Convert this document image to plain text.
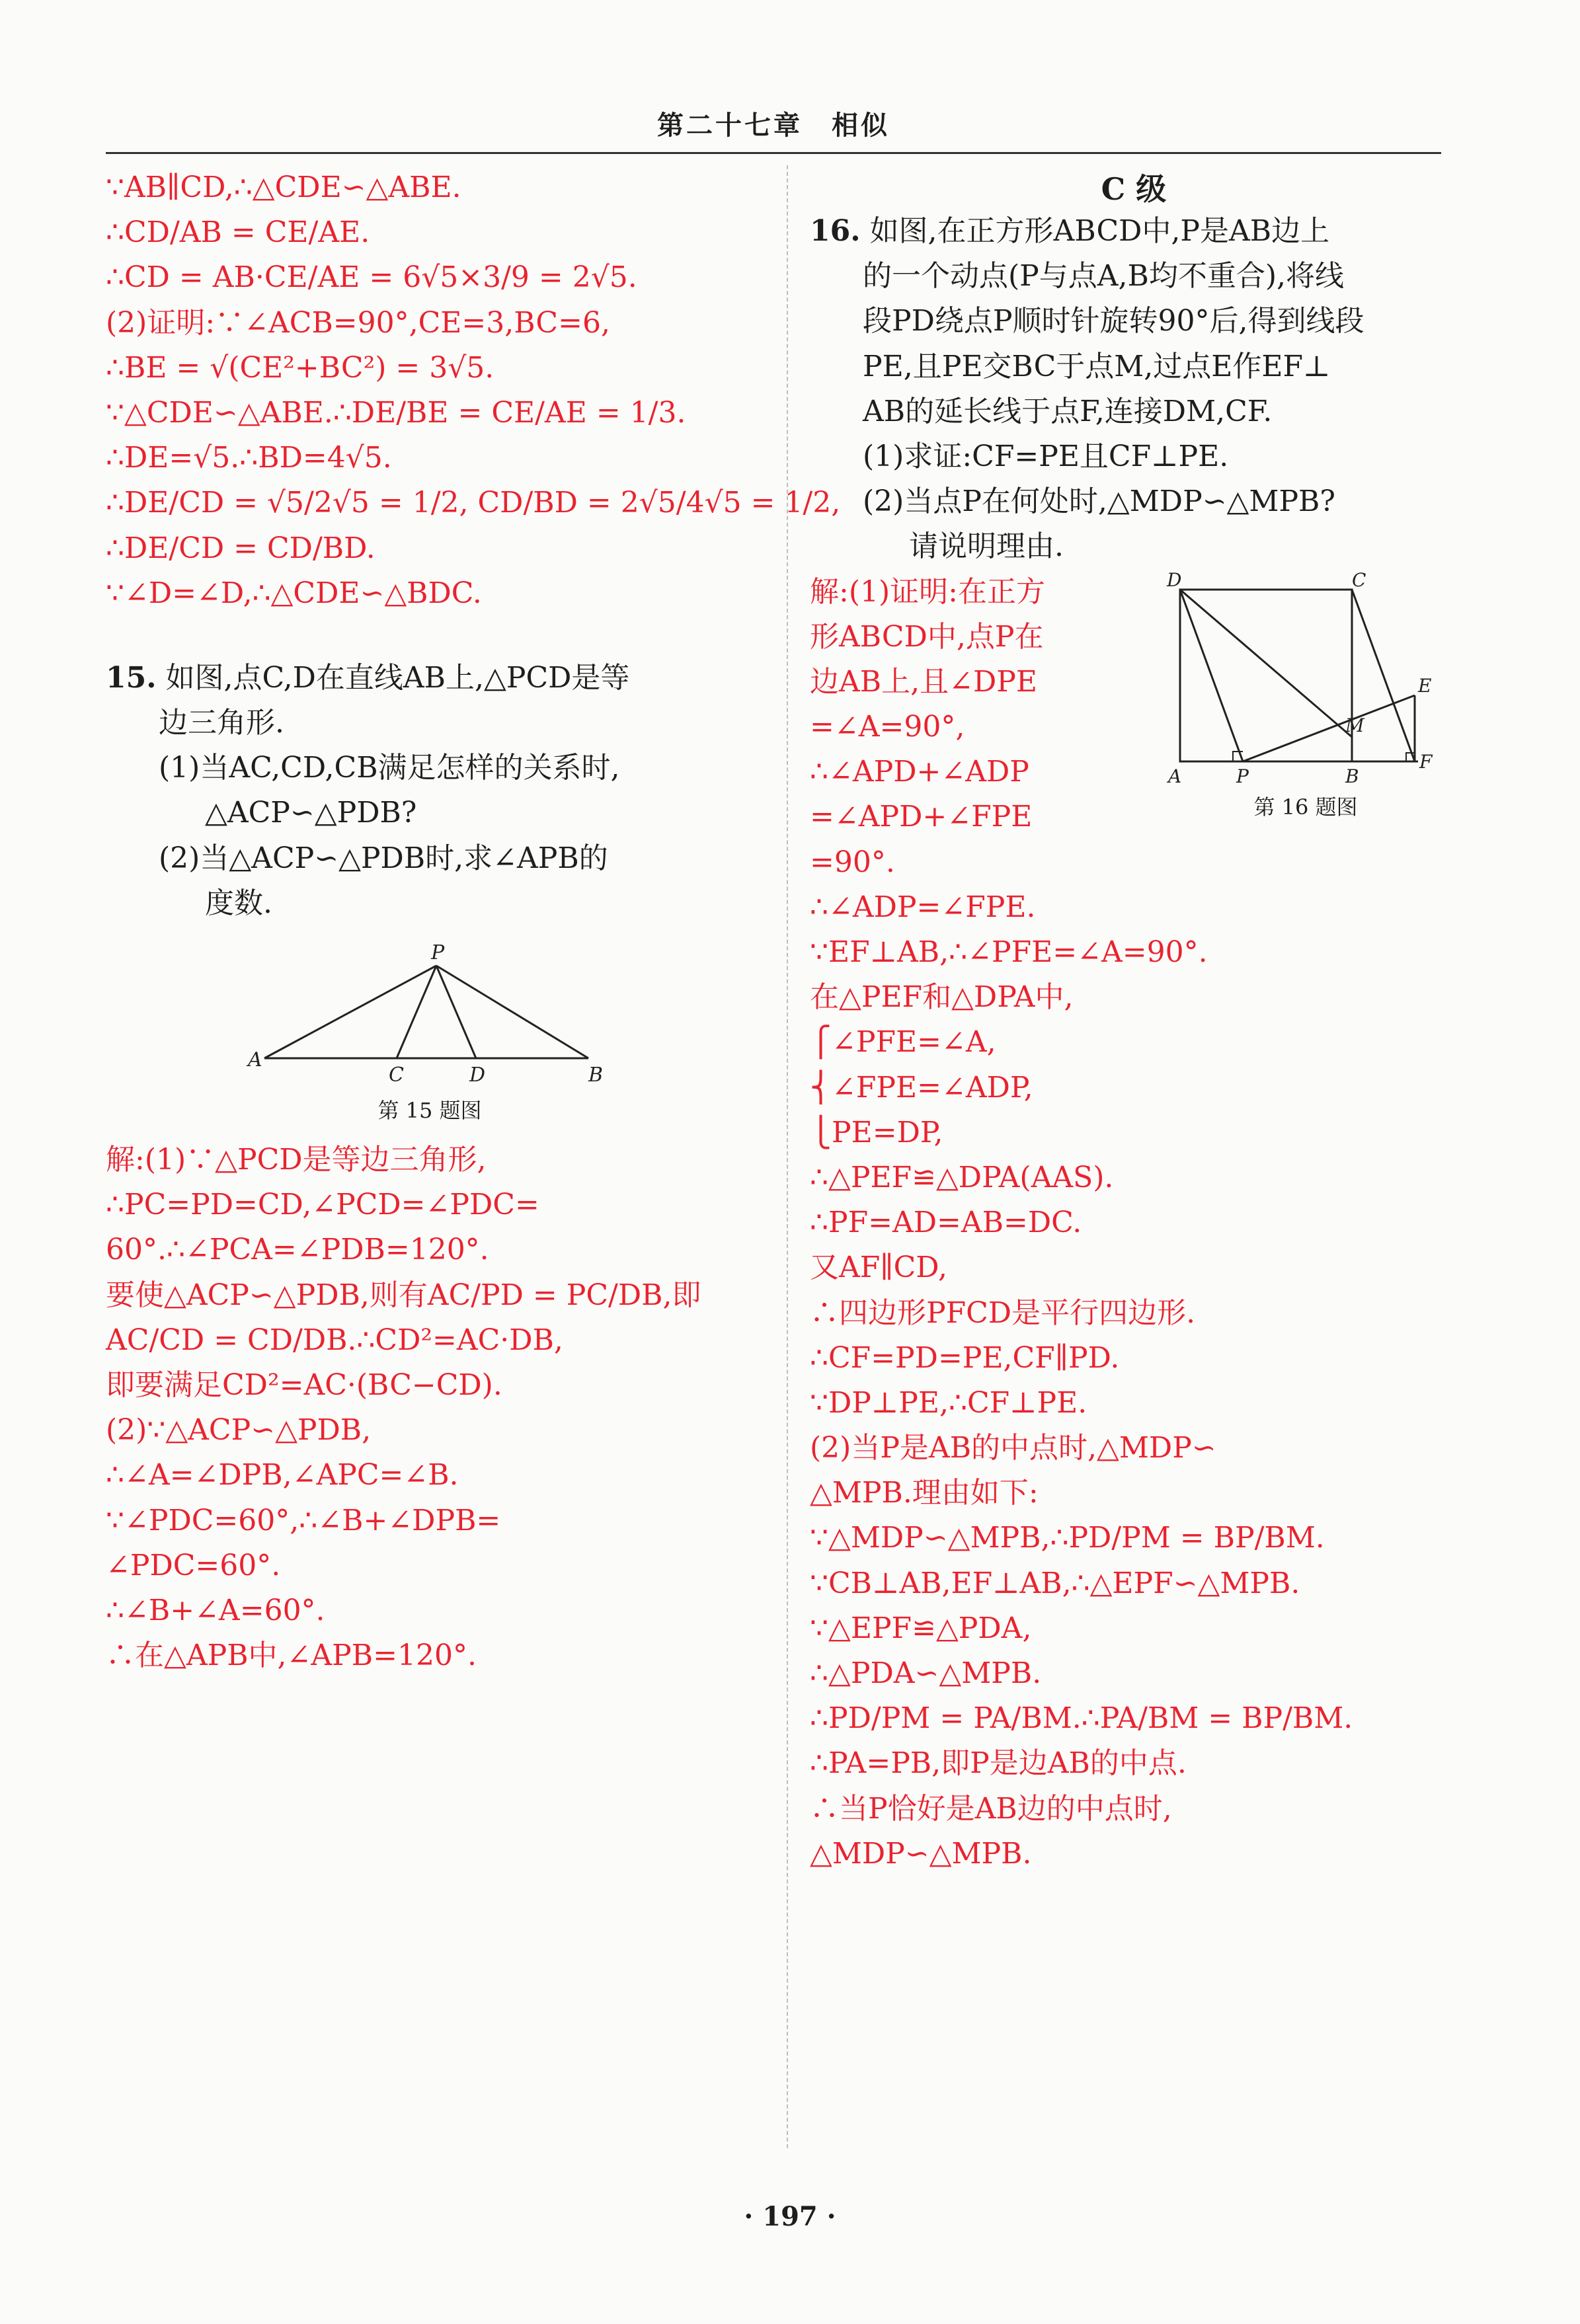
第二十七章　相似
∵AB∥CD,∴△CDE∽△ABE.
∴CD/AB = CE/AE.
∴CD = AB·CE/AE = 6√5×3/9 = 2√5.
(2)证明:∵∠ACB=90°,CE=3,BC=6,
∴BE = √(CE²+BC²) = 3√5.
∵△CDE∽△ABE.∴DE/BE = CE/AE = 1/3.
∴DE=√5.∴BD=4√5.
∴DE/CD = √5/2√5 = 1/2, CD/BD = 2√5/4√5 = 1/2,
∴DE/CD = CD/BD.
∵∠D=∠D,∴△CDE∽△BDC.
15. 如图,点C,D在直线AB上,△PCD是等
边三角形.
(1)当AC,CD,CB满足怎样的关系时,
△ACP∽△PDB?
(2)当△ACP∽△PDB时,求∠APB的
度数.
P
A
C	D	B
第 15 题图
解:(1)∵△PCD是等边三角形,
∴PC=PD=CD,∠PCD=∠PDC=
60°.∴∠PCA=∠PDB=120°.
要使△ACP∽△PDB,则有AC/PD = PC/DB,即
AC/CD = CD/DB.∴CD²=AC·DB,
即要满足CD²=AC·(BC−CD).
(2)∵△ACP∽△PDB,
∴∠A=∠DPB,∠APC=∠B.
∵∠PDC=60°,∴∠B+∠DPB=
∠PDC=60°.
∴∠B+∠A=60°.
∴在△APB中,∠APB=120°.
C 级
16. 如图,在正方形ABCD中,P是AB边上
的一个动点(P与点A,B均不重合),将线
段PD绕点P顺时针旋转90°后,得到线段
PE,且PE交BC于点M,过点E作EF⊥
AB的延长线于点F,连接DM,CF.
(1)求证:CF=PE且CF⊥PE.
(2)当点P在何处时,△MDP∽△MPB?
请说明理由.
解:(1)证明:在正方
形ABCD中,点P在
边AB上,且∠DPE
=∠A=90°,
∴∠APD+∠ADP
=∠APD+∠FPE
=90°.
D	C
E
M
A	P	B
F
第 16 题图
∴∠ADP=∠FPE.
∵EF⊥AB,∴∠PFE=∠A=90°.
在△PEF和△DPA中,
⎧∠PFE=∠A,
⎨∠FPE=∠ADP,
⎩PE=DP,
∴△PEF≌△DPA(AAS).
∴PF=AD=AB=DC.
又AF∥CD,
∴四边形PFCD是平行四边形.
∴CF=PD=PE,CF∥PD.
∵DP⊥PE,∴CF⊥PE.
(2)当P是AB的中点时,△MDP∽
△MPB.理由如下:
∵△MDP∽△MPB,∴PD/PM = BP/BM.
∵CB⊥AB,EF⊥AB,∴△EPF∽△MPB.
∵△EPF≌△PDA,
∴△PDA∽△MPB.
∴PD/PM = PA/BM.∴PA/BM = BP/BM.
∴PA=PB,即P是边AB的中点.
∴当P恰好是AB边的中点时,
△MDP∽△MPB.
· 197 ·
